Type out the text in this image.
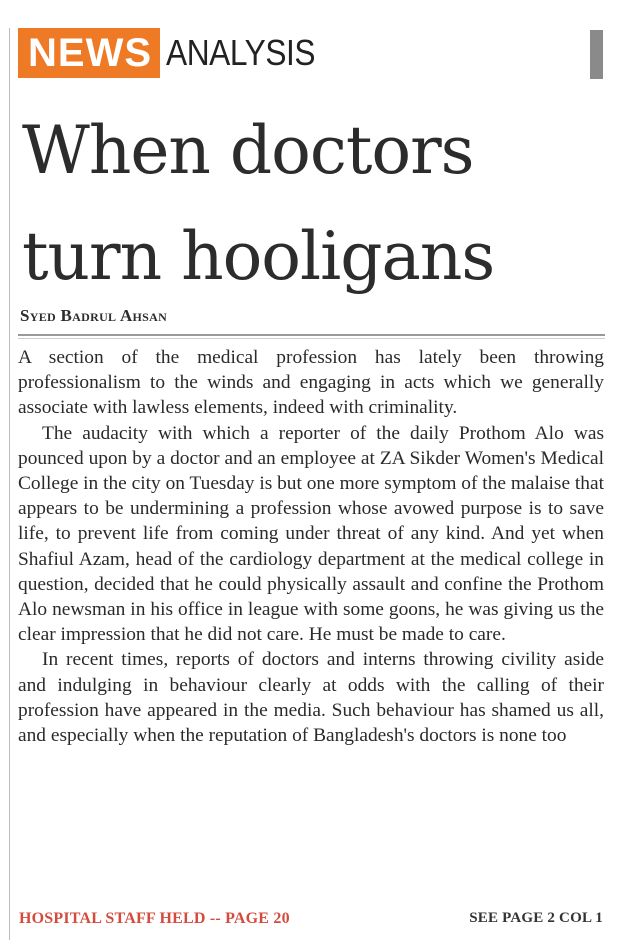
NEWS ANALYSIS
When doctors
turn hooligans
Syed Badrul Ahsan

A section of the medical profession has lately been throwing professionalism to the winds and engaging in acts which we generally associate with lawless elements, indeed with criminality.

The audacity with which a reporter of the daily Prothom Alo was pounced upon by a doctor and an employee at ZA Sikder Women's Medical College in the city on Tuesday is but one more symptom of the malaise that appears to be undermining a profession whose avowed purpose is to save life, to prevent life from coming under threat of any kind. And yet when Shafiul Azam, head of the cardiology department at the medical college in question, decided that he could physically assault and confine the Prothom Alo newsman in his office in league with some goons, he was giving us the clear impression that he did not care. He must be made to care.

In recent times, reports of doctors and interns throwing civility aside and indulging in behaviour clearly at odds with the calling of their profession have appeared in the media. Such behaviour has shamed us all, and especially when the reputation of Bangladesh's doctors is none too

HOSPITAL STAFF HELD -- PAGE 20	SEE PAGE 2 COL 1
